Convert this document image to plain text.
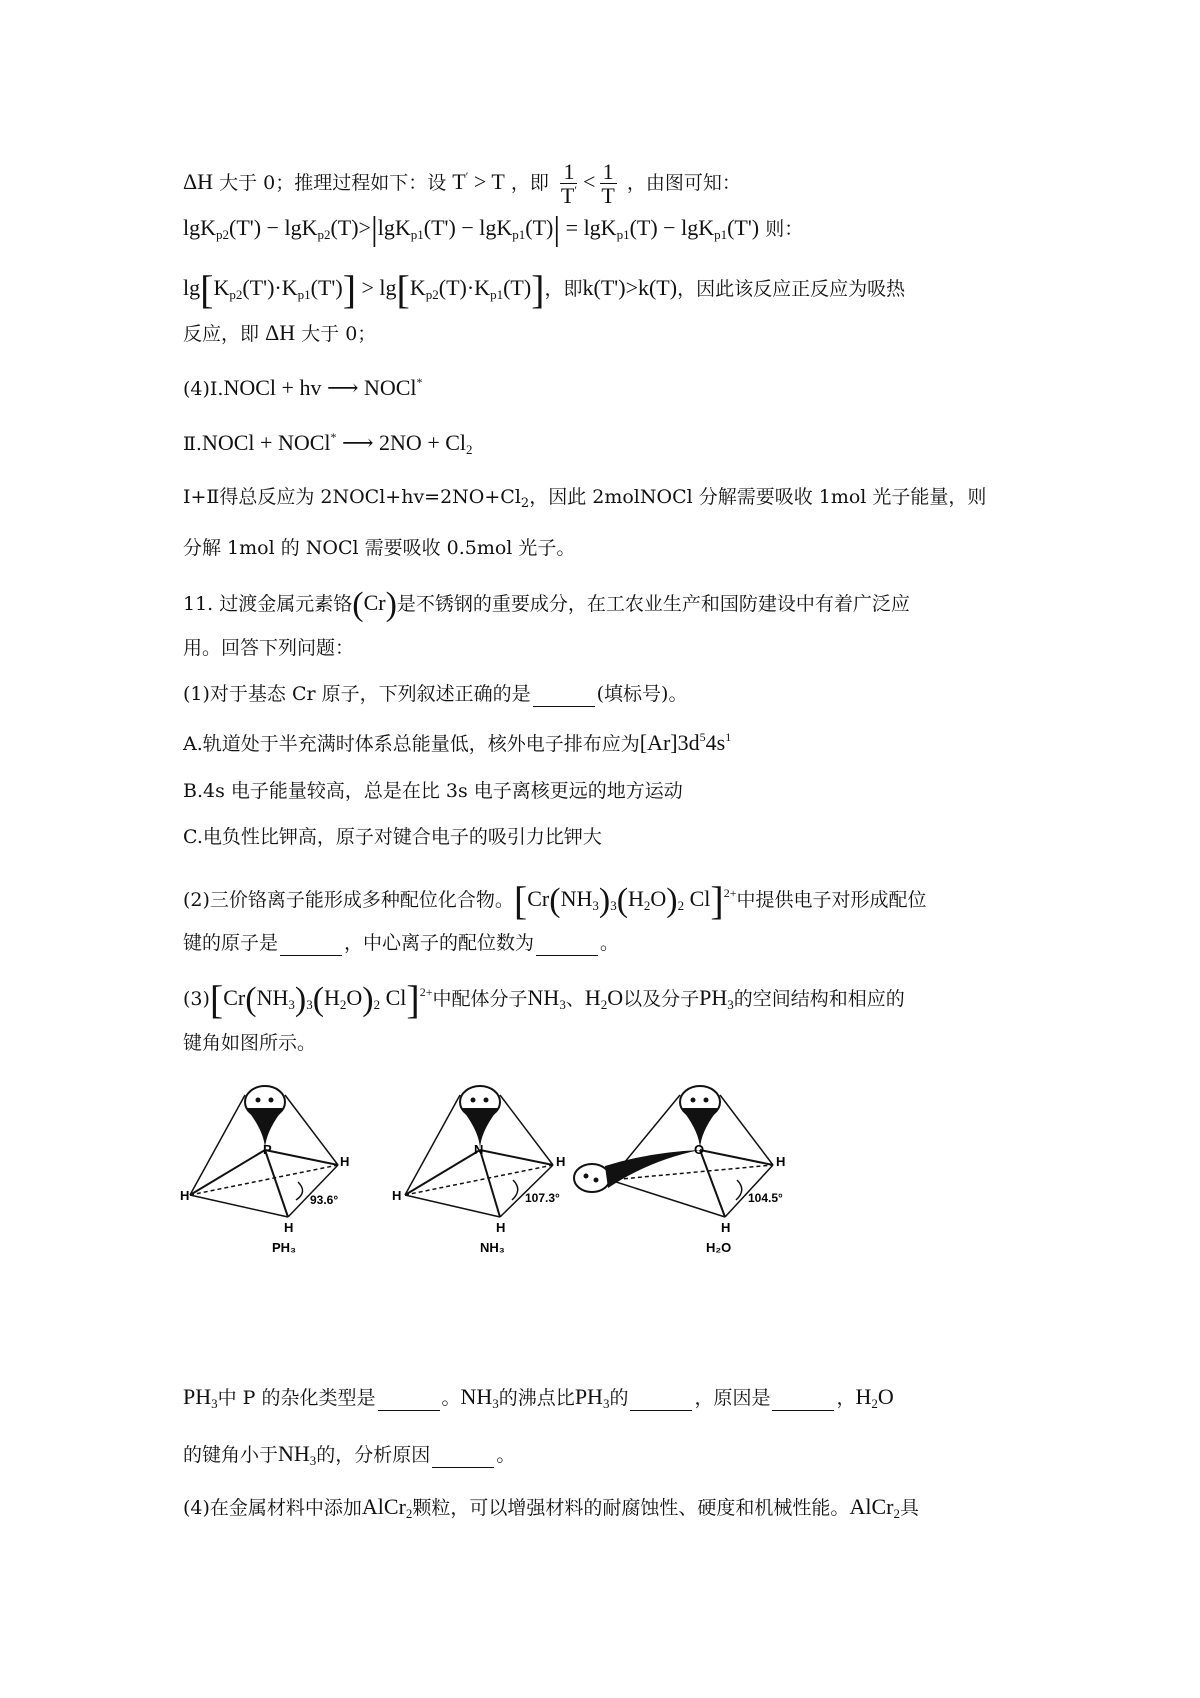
ΔH 大于 0；推理过程如下：设 T′ > T ，即 $\frac{1}{T'} < \frac{1}{T}$ ，由图可知：
lgK$_{p2}$(T') − lgK$_{p2}$(T)>|lgK$_{p1}$(T') − lgK$_{p1}$(T)| = lgK$_{p1}$(T) − lgK$_{p1}$(T') 则：
$\lg[K_{p2}(T')\cdot K_{p1}(T')] > \lg[K_{p2}(T)\cdot K_{p1}(T)]$，即k(T')>k(T)，因此该反应正反应为吸热
反应，即 ΔH 大于 0；
(4)Ⅰ.NOCl + hv ⟶ NOCl*
Ⅱ.NOCl + NOCl* ⟶ $2NO + Cl_2$
Ⅰ+Ⅱ得总反应为 $2NOCl+hv=2NO+Cl_2$，因此 2molNOCl 分解需要吸收 1mol 光子能量，则
分解 1mol 的 NOCl 需要吸收 0.5mol 光子。
11. 过渡金属元素铬(Cr)是不锈钢的重要成分，在工农业生产和国防建设中有着广泛应
用。回答下列问题：
(1)对于基态 Cr 原子，下列叙述正确的是	(填标号)。
A.轨道处于半充满时体系总能量低，核外电子排布应为$[Ar]3d^54s^1$
B.4s 电子能量较高，总是在比 3s 电子离核更远的地方运动
C.电负性比钾高，原子对键合电子的吸引力比钾大
(2)三价铬离子能形成多种配位化合物。[$Cr(NH_3)_3(H_2O)_2$ Cl]$^{2+}$中提供电子对形成配位
键的原子是	，中心离子的配位数为	。
$(3)[Cr(NH_3)_3(H_2O)_2$ Cl]$^{2+}$中配体分子$NH_3$、$H_2O$以及分子$PH_3$的空间结构和相应的
键角如图所示。
P
H
H
H
93.6°
PH₃
N
H
H
H
107.3°
NH₃
O
H
H
104.5°
H₂O
$PH_3$中 P 的杂化类型是	。$NH_3$的沸点比$PH_3$的	，原因是	，$H_2O$
的键角小于$NH_3$的，分析原因	。
(4)在金属材料中添加AlCr$_2$颗粒，可以增强材料的耐腐蚀性、硬度和机械性能。AlCr$_2$具
